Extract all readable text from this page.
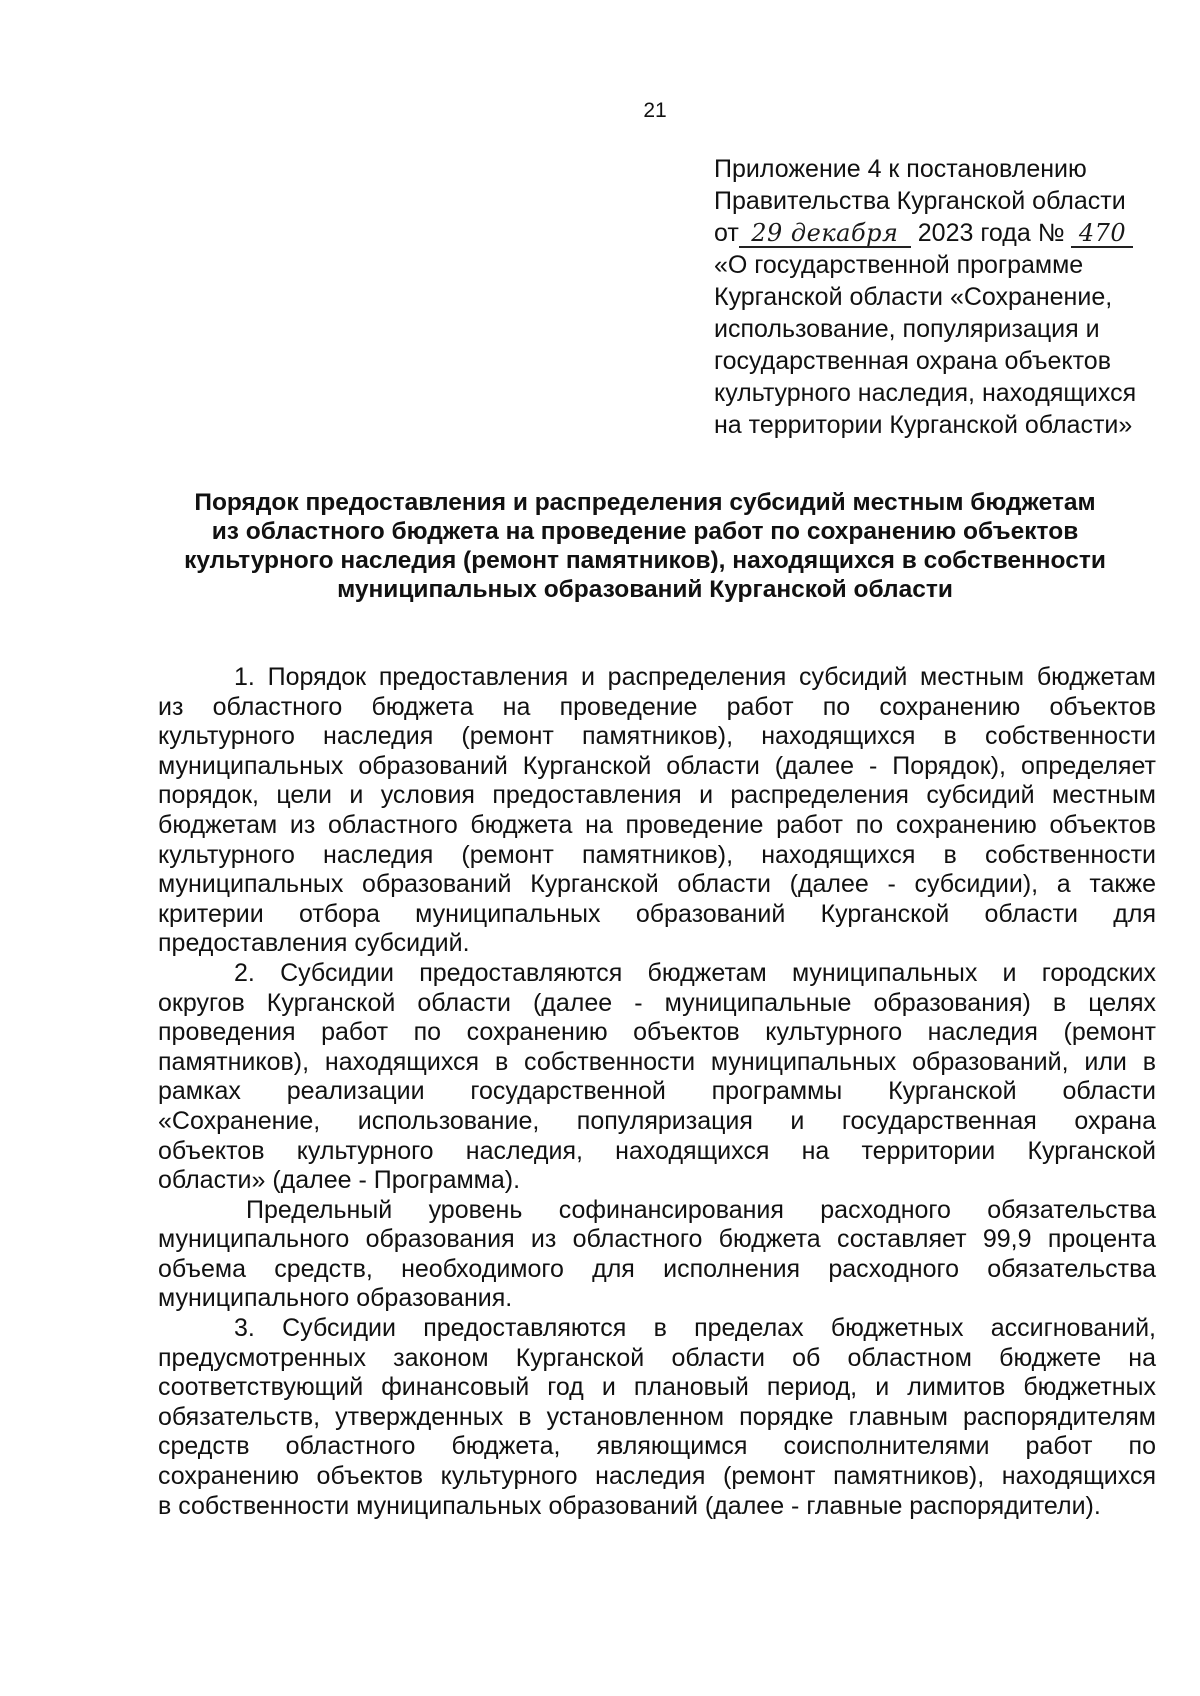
21
Приложение 4 к постановлению
Правительства Курганской области
от 29 декабря 2023 года № 470
«О государственной программе
Курганской области «Сохранение,
использование, популяризация и
государственная охрана объектов
культурного наследия, находящихся
на территории Курганской области»
Порядок предоставления и распределения субсидий местным бюджетам
из областного бюджета на проведение работ по сохранению объектов
культурного наследия (ремонт памятников), находящихся в собственности
муниципальных образований Курганской области
1. Порядок предоставления и распределения субсидий местным бюджетам
из областного бюджета на проведение работ по сохранению объектов
культурного наследия (ремонт памятников), находящихся в собственности
муниципальных образований Курганской области (далее - Порядок), определяет
порядок, цели и условия предоставления и распределения субсидий местным
бюджетам из областного бюджета на проведение работ по сохранению объектов
культурного наследия (ремонт памятников), находящихся в собственности
муниципальных образований Курганской области (далее - субсидии), а также
критерии отбора муниципальных образований Курганской области для
предоставления субсидий.
2. Субсидии предоставляются бюджетам муниципальных и городских
округов Курганской области (далее - муниципальные образования) в целях
проведения работ по сохранению объектов культурного наследия (ремонт
памятников), находящихся в собственности муниципальных образований, или в
рамках реализации государственной программы Курганской области
«Сохранение, использование, популяризация и государственная охрана
объектов культурного наследия, находящихся на территории Курганской
области» (далее - Программа).
Предельный уровень софинансирования расходного обязательства
муниципального образования из областного бюджета составляет 99,9 процента
объема средств, необходимого для исполнения расходного обязательства
муниципального образования.
3. Субсидии предоставляются в пределах бюджетных ассигнований,
предусмотренных законом Курганской области об областном бюджете на
соответствующий финансовый год и плановый период, и лимитов бюджетных
обязательств, утвержденных в установленном порядке главным распорядителям
средств областного бюджета, являющимся соисполнителями работ по
сохранению объектов культурного наследия (ремонт памятников), находящихся
в собственности муниципальных образований (далее - главные распорядители).
